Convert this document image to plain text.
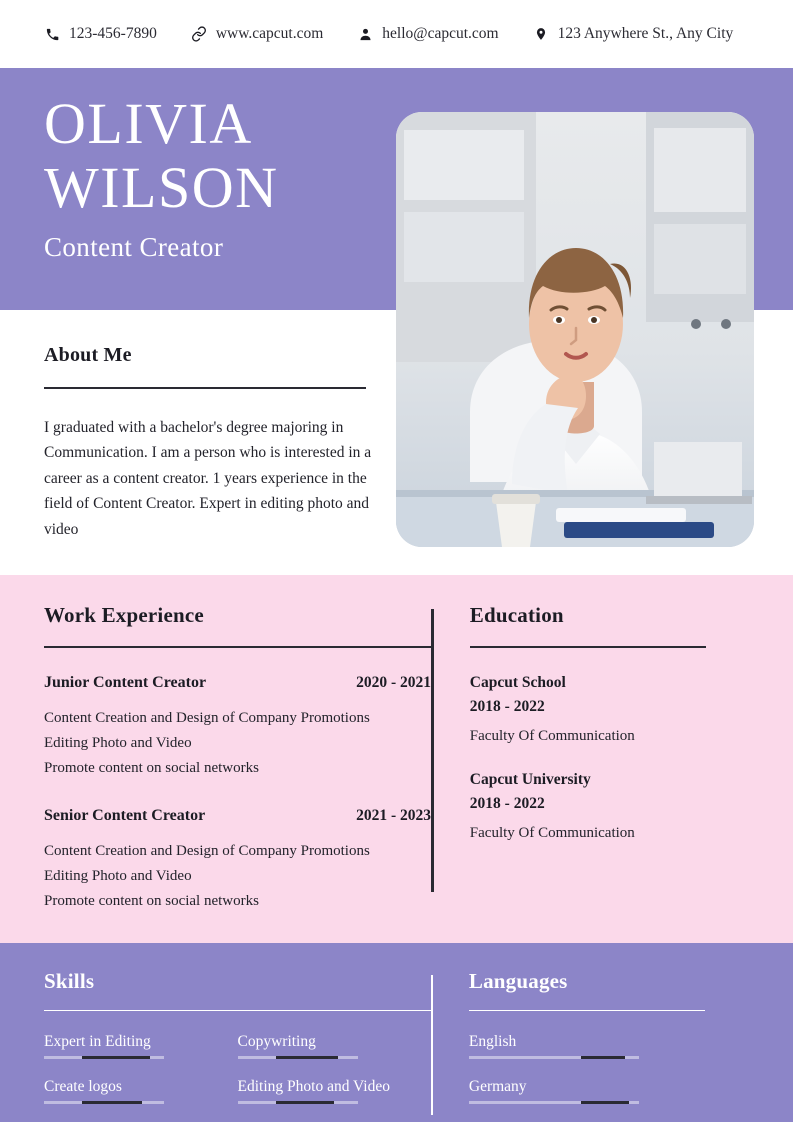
123-456-7890	www.capcut.com	hello@capcut.com	123 Anywhere St., Any City
OLIVIA
WILSON
Content Creator
About Me
I graduated with a bachelor's degree majoring in Communication. I am a person who is interested in a career as a content creator. 1 years experience in the field of Content Creator. Expert in editing photo and video
Work Experience
Junior Content Creator	2020 - 2021
Content Creation and Design of Company Promotions
Editing Photo and Video
Promote content on social networks
Senior Content Creator	2021 - 2023
Content Creation and Design of Company Promotions
Editing Photo and Video
Promote content on social networks
Education
Capcut School
2018 - 2022
Faculty Of Communication
Capcut University
2018 - 2022
Faculty Of Communication
Skills
Expert in Editing	Copywriting
Create logos	Editing Photo and Video
Languages
English
Germany
